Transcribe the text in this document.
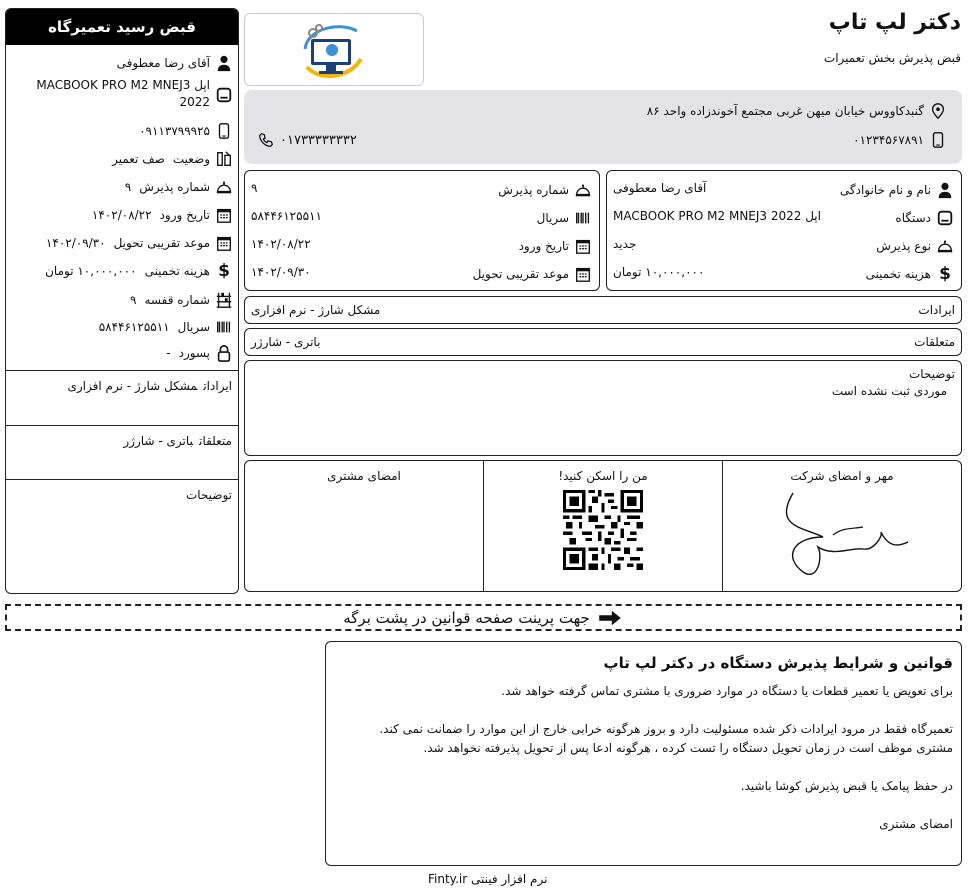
قبض رسید تعمیرگاه
آقای رضا معطوفی
اپل MACBOOK PRO M2 MNEJ3 2022
۰۹۱۱۳۷۹۹۹۲۵
وضعیت
صف تعمیر
شماره پذیرش
۹
تاریخ ورود
۱۴۰۲/۰۸/۲۲
موعد تقریبی تحویل
۱۴۰۲/۰۹/۳۰
$
هزینه تخمینی
۱۰,۰۰۰,۰۰۰ تومان
شماره قفسه
۹
سریال
۵۸۴۴۶۱۲۵۵۱۱
پسورد
-
ایراداتمشکل شارژ - نرم افزاری
متعلقاتباتری - شارژر
توضیحات
دکتر لپ تاپ
قبض پذیرش بخش تعمیرات
گنبدکاووس خیابان میهن غربی مجتمع آخوندزاده واحد ۸۶
۰۱۲۳۴۵۶۷۸۹۱
۰۱۷۳۳۳۳۳۳۳۲
نام و نام خانوادگی
آقای رضا معطوفی
دستگاه
اپل MACBOOK PRO M2 MNEJ3 2022
نوع پذیرش
جدید
$
هزینه تخمینی
۱۰,۰۰۰,۰۰۰ تومان
شماره پذیرش
۹
سریال
۵۸۴۴۶۱۲۵۵۱۱
تاریخ ورود
۱۴۰۲/۰۸/۲۲
موعد تقریبی تحویل
۱۴۰۲/۰۹/۳۰
ایرادات
مشکل شارژ - نرم افزاری
متعلقات
باتری - شارژر
توضیحات
موردی ثبت نشده است
مهر و امضای شرکت
من را اسکن کنید!
امضای مشتری
جهت پرینت صفحه قوانین در پشت برگه
قوانین و شرایط پذیرش دستگاه در دکتر لپ تاپ

برای تعویض یا تعمیر قطعات یا دستگاه در موارد ضروری با مشتری تماس گرفته خواهد شد.

تعمیرگاه فقط در مرود ایرادات ذکر شده مسئولیت دارد و بروز هرگونه خرابی خارج از این موارد را ضمانت نمی کند.

مشتری موظف است در زمان تحویل دستگاه را تست کرده ، هرگونه ادعا پس از تحویل پذیرفته نخواهد شد.

در حفظ پیامک یا قبض پذیرش کوشا باشید.

امضای مشتری

نرم افزار فینتی Finty.ir
